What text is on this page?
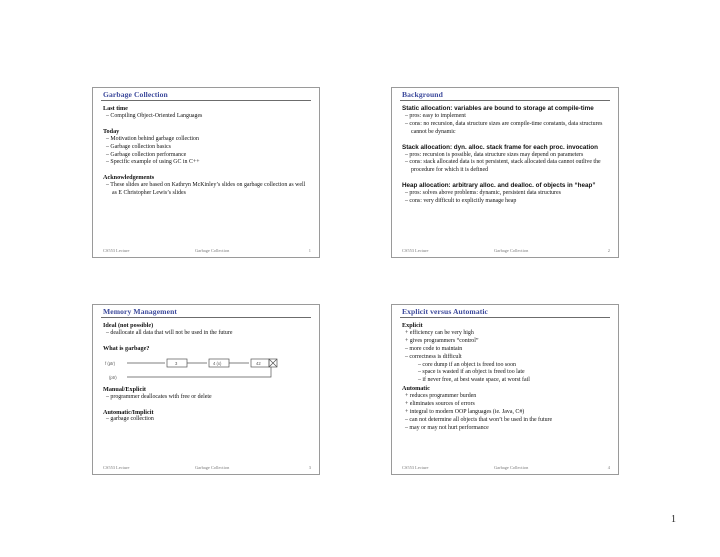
Garbage Collection
Last time
– Compiling Object-Oriented Languages
Today
– Motivation behind garbage collection
– Garbage collection basics
– Garbage collection performance
– Specific example of using GC in C++
Acknowledgements
– These slides are based on Kathryn McKinley’s slides on garbage collection as well as E Christopher Lewis’s slides
CS553 Lecture	Garbage Collection	1
Background
Static allocation: variables are bound to storage at compile-time
– pros: easy to implement
– cons: no recursion, data structure sizes are compile-time constants, data structures cannot be dynamic
Stack allocation: dyn. alloc. stack frame for each proc. invocation
– pros: recursion is possible, data structure sizes may depend on parameters
– cons: stack allocated data is not persistent, stack allocated data cannot outlive the procedure for which it is defined
Heap allocation: arbitrary alloc. and dealloc. of objects in “heap”
– pros: solves above problems: dynamic, persistent data structures
– cons: very difficult to explicitly manage heap
CS553 Lecture	Garbage Collection	2
Memory Management
Ideal (not possible)
– deallocate all data that will not be used in the future
What is garbage?
f (ptr)
(ptr)
3	4 (x)	42
Manual/Explicit
– programmer deallocates with free or delete
Automatic/Implicit
– garbage collection
CS553 Lecture	Garbage Collection	3
Explicit versus Automatic
Explicit
+ efficiency can be very high
+ gives programmers “control”
– more code to maintain
– correctness is difficult
– core dump if an object is freed too soon
– space is wasted if an object is freed too late
– if never free, at best waste space, at worst fail
Automatic
+ reduces programmer burden
+ eliminates sources of errors
+ integral to modern OOP languages (ie. Java, C#)
– can not determine all objects that won’t be used in the future
– may or may not hurt performance
CS553 Lecture	Garbage Collection	4
1
